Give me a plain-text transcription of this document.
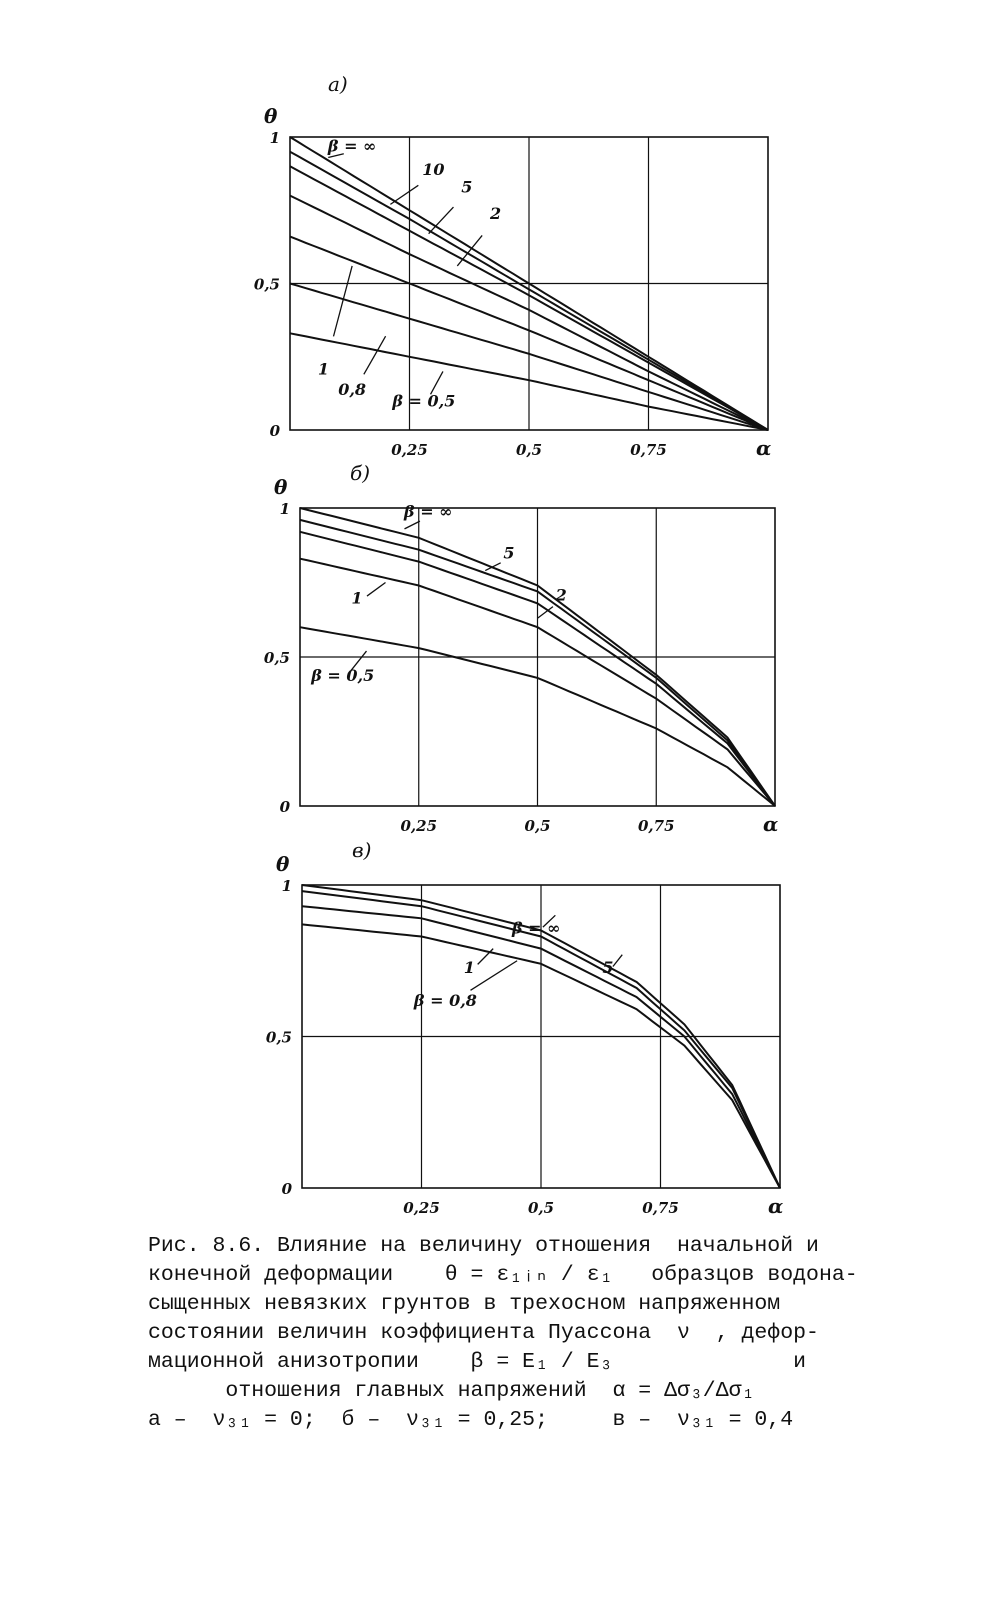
0,25	0,5	0,75
0
0,5
1
α
θ
a)
β = ∞
10
5
2
1
0,8
β = 0,5
0,25	0,5	0,75
0
0,5
1
α
θ
б)
β = ∞
5
2
1
β = 0,5
0,25	0,5	0,75
0
0,5
1
α
θ
в)
β = ∞
5
1
β = 0,8
Рис. 8.6. Влияние на величину отношения  начальной и
конечной деформации    θ = ε₁ᵢₙ / ε₁   образцов водона-
сыщенных невязких грунтов в трехосном напряженном
состоянии величин коэффициента Пуассона  ν  , дефор-
мационной анизотропии    β = E₁ / E₃              и
отношения главных напряжений  α = Δσ₃/Δσ₁
а –  ν₃₁ = 0;  б –  ν₃₁ = 0,25;     в –  ν₃₁ = 0,4
